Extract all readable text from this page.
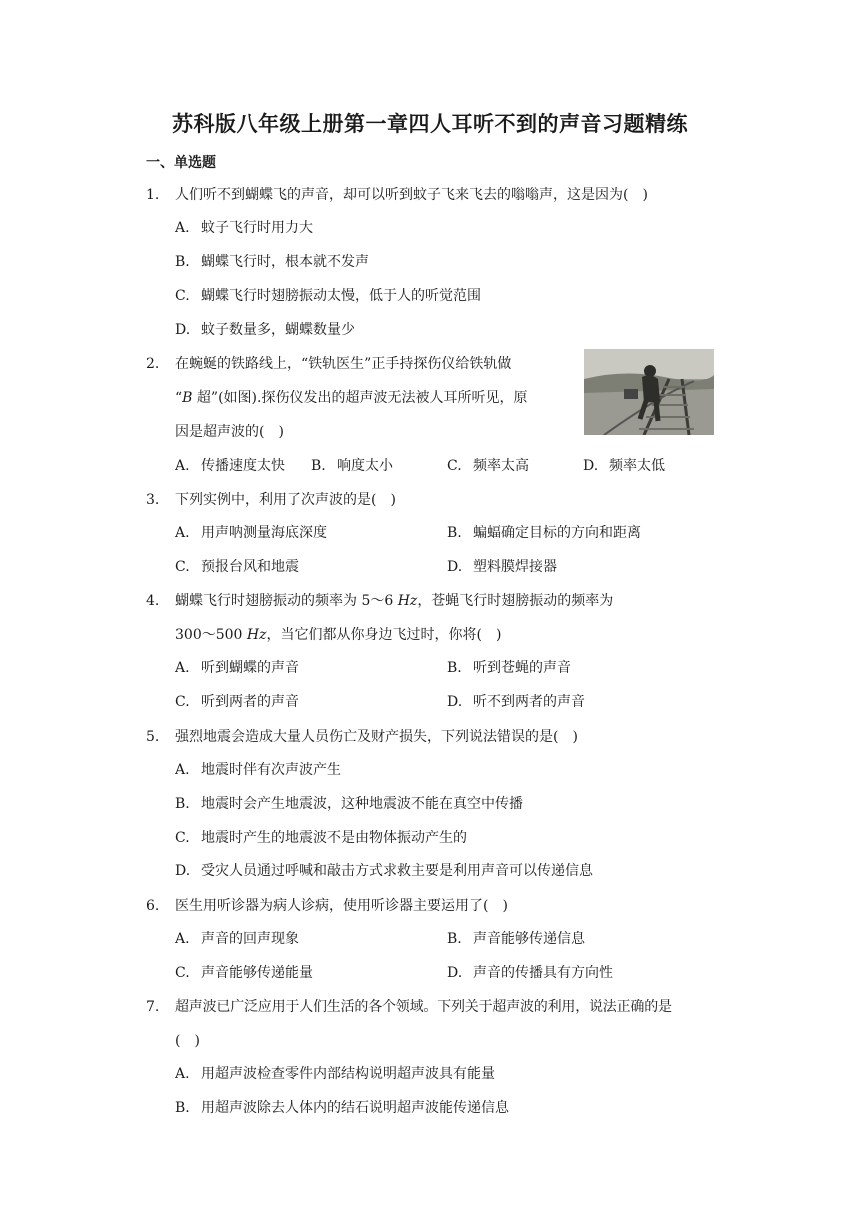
苏科版八年级上册第一章四人耳听不到的声音习题精练
一、单选题
1. 人们听不到蝴蝶飞的声音，却可以听到蚊子飞来飞去的嗡嗡声，这是因为(　)
A. 蚊子飞行时用力大
B. 蝴蝶飞行时，根本就不发声
C. 蝴蝶飞行时翅膀振动太慢，低于人的听觉范围
D. 蚊子数量多，蝴蝶数量少
2. 在蜿蜒的铁路线上，“铁轨医生”正手持探伤仪给铁轨做
“B 超”(如图).探伤仪发出的超声波无法被人耳所听见，原
因是超声波的(　)
A. 传播速度太快 B. 响度太小	C. 频率太高	D. 频率太低
3. 下列实例中，利用了次声波的是(　)
A. 用声呐测量海底深度	B. 蝙蝠确定目标的方向和距离
C. 预报台风和地震	D. 塑料膜焊接器
4. 蝴蝶飞行时翅膀振动的频率为 5～6 Hz，苍蝇飞行时翅膀振动的频率为
300～500 Hz，当它们都从你身边飞过时，你将(　)
A. 听到蝴蝶的声音	B. 听到苍蝇的声音
C. 听到两者的声音	D. 听不到两者的声音
5. 强烈地震会造成大量人员伤亡及财产损失，下列说法错误的是(　)
A. 地震时伴有次声波产生
B. 地震时会产生地震波，这种地震波不能在真空中传播
C. 地震时产生的地震波不是由物体振动产生的
D. 受灾人员通过呼喊和敲击方式求救主要是利用声音可以传递信息
6. 医生用听诊器为病人诊病，使用听诊器主要运用了(　)
A. 声音的回声现象	B. 声音能够传递信息
C. 声音能够传递能量	D. 声音的传播具有方向性
7. 超声波已广泛应用于人们生活的各个领域。下列关于超声波的利用，说法正确的是
(　)
A. 用超声波检查零件内部结构说明超声波具有能量
B. 用超声波除去人体内的结石说明超声波能传递信息
